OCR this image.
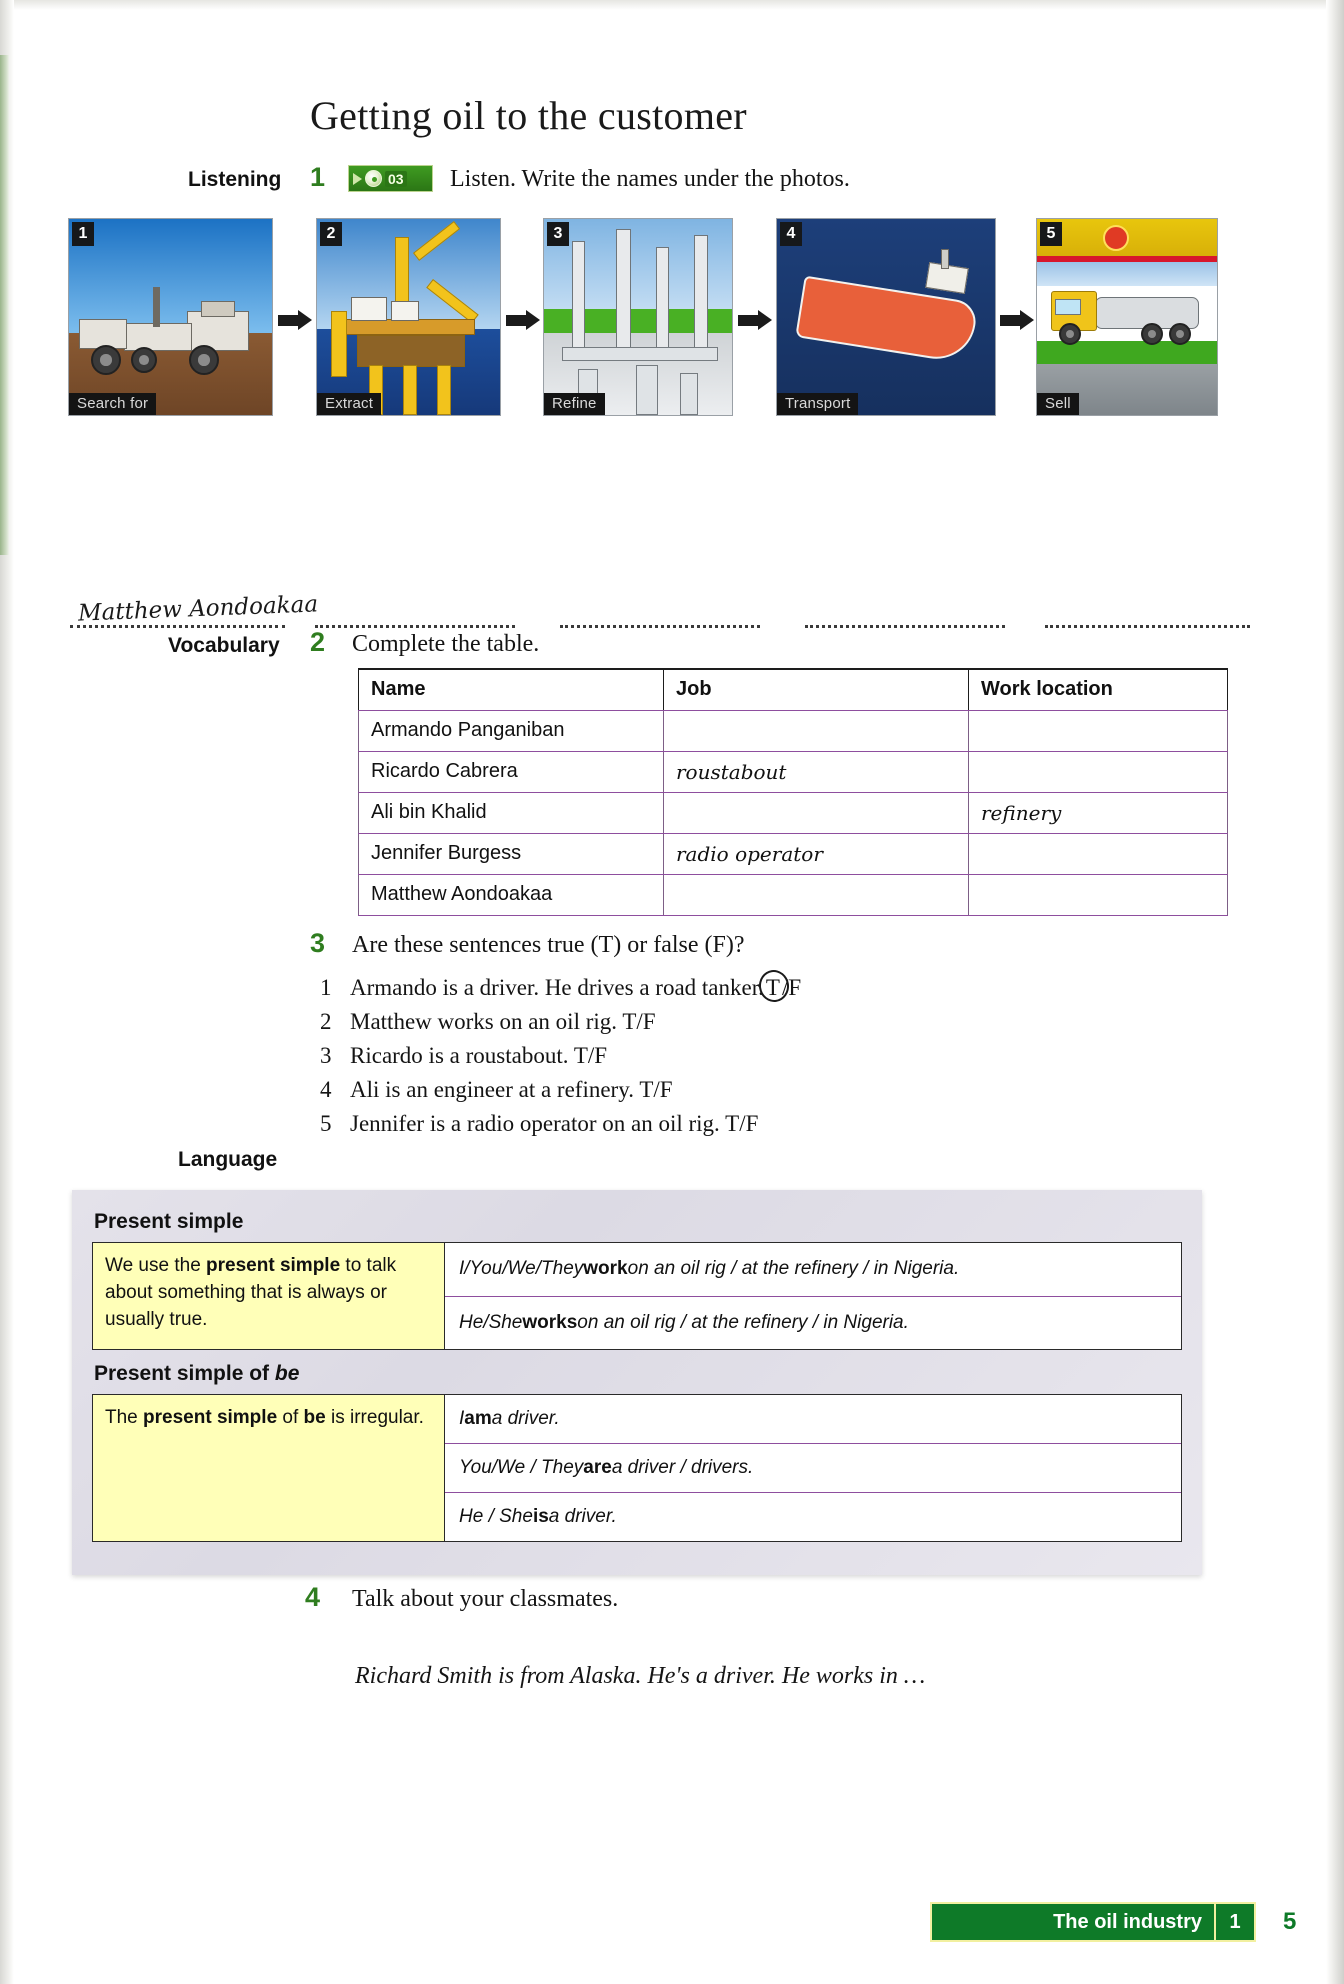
Getting oil to the customer
Listening 1	03 Listen. Write the names under the photos.
1
Search for
2
Extract
3
Refine
4
Transport
5
Sell
Matthew Aondoakaa
Vocabulary 2 Complete the table.
Name	Job	Work location
Armando Panganiban		
Ricardo Cabrera	roustabout	
Ali bin Khalid		refinery
Jennifer Burgess	radio operator	
Matthew Aondoakaa		
3 Are these sentences true (T) or false (F)?
1 Armando is a driver. He drives a road tanker.T/F
2 Matthew works on an oil rig. T/F
3 Ricardo is a roustabout. T/F
4 Ali is an engineer at a refinery. T/F
5 Jennifer is a radio operator on an oil rig. T/F
Language
Present simple
We use the present simple to talk about something that is always or usually true.
I/You/We/They work on an oil rig / at the refinery / in Nigeria.
He/She works on an oil rig / at the refinery / in Nigeria.
Present simple of be
The present simple of be is irregular.	I am a driver.
You/We / They are a driver / drivers.
He / She is a driver.
4 Talk about your classmates.
Richard Smith is from Alaska. He's a driver. He works in …
The oil industry	1	5
